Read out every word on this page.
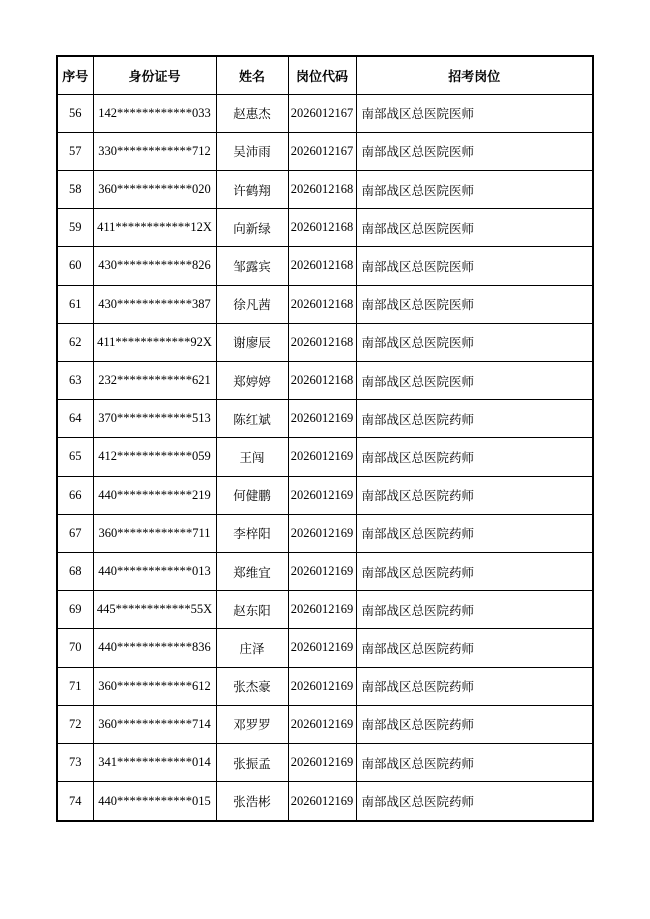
序号	身份证号	姓名	岗位代码	招考岗位
56	142************033	赵惠杰	2026012167	南部战区总医院医师
57	330************712	吴沛雨	2026012167	南部战区总医院医师
58	360************020	许鹤翔	2026012168	南部战区总医院医师
59	411************12X	向新绿	2026012168	南部战区总医院医师
60	430************826	邹露宾	2026012168	南部战区总医院医师
61	430************387	徐凡茜	2026012168	南部战区总医院医师
62	411************92X	谢廖辰	2026012168	南部战区总医院医师
63	232************621	郑婷婷	2026012168	南部战区总医院医师
64	370************513	陈红斌	2026012169	南部战区总医院药师
65	412************059	王闯	2026012169	南部战区总医院药师
66	440************219	何健鹏	2026012169	南部战区总医院药师
67	360************711	李梓阳	2026012169	南部战区总医院药师
68	440************013	郑维宜	2026012169	南部战区总医院药师
69	445************55X	赵东阳	2026012169	南部战区总医院药师
70	440************836	庄泽	2026012169	南部战区总医院药师
71	360************612	张杰豪	2026012169	南部战区总医院药师
72	360************714	邓罗罗	2026012169	南部战区总医院药师
73	341************014	张振孟	2026012169	南部战区总医院药师
74	440************015	张浩彬	2026012169	南部战区总医院药师
